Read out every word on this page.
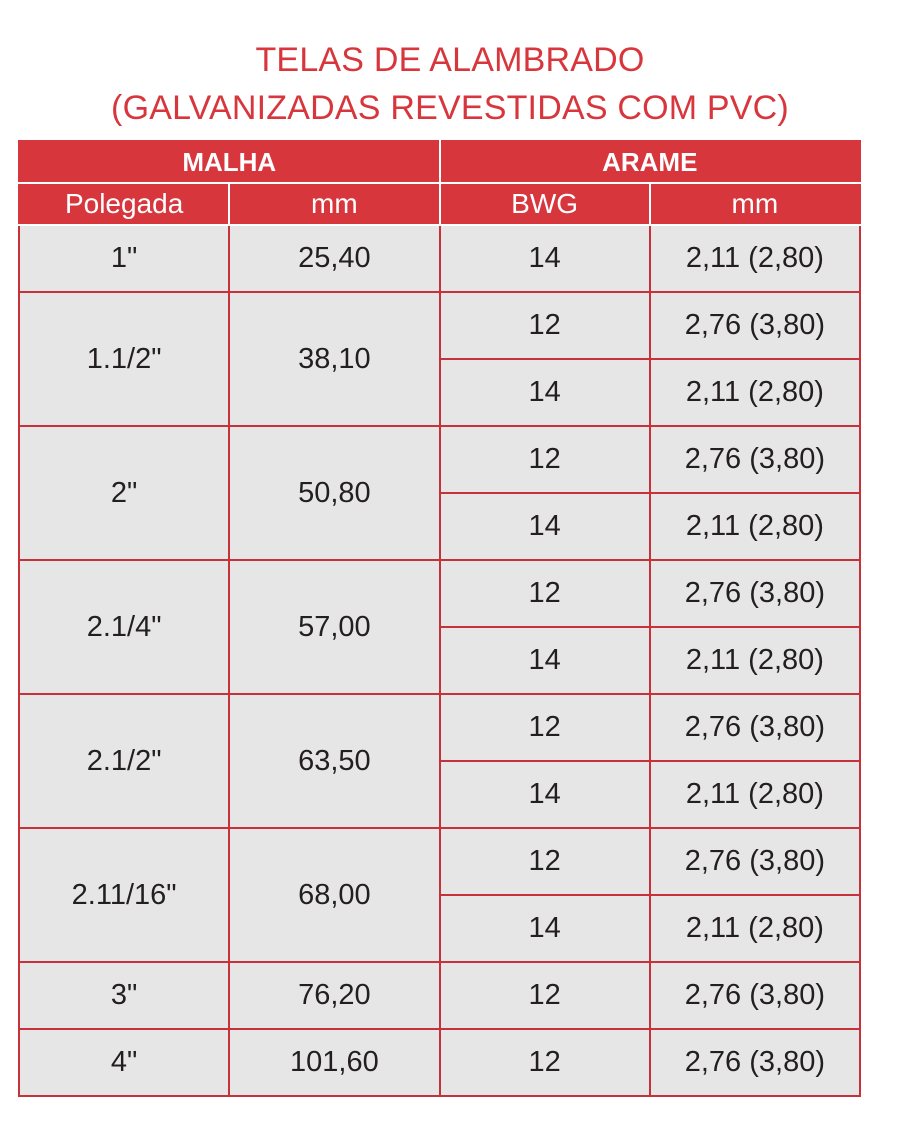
TELAS DE ALAMBRADO
(GALVANIZADAS REVESTIDAS COM PVC)
MALHA		ARAME	
Polegada	mm	BWG	mm
1"	25,40	14	2,11 (2,80)
1.1/2"	38,10	12	2,76 (3,80)
		14	2,11 (2,80)
2"	50,80	12	2,76 (3,80)
		14	2,11 (2,80)
2.1/4"	57,00	12	2,76 (3,80)
		14	2,11 (2,80)
2.1/2"	63,50	12	2,76 (3,80)
		14	2,11 (2,80)
2.11/16"	68,00	12	2,76 (3,80)
		14	2,11 (2,80)
3"	76,20	12	2,76 (3,80)
4"	101,60	12	2,76 (3,80)
